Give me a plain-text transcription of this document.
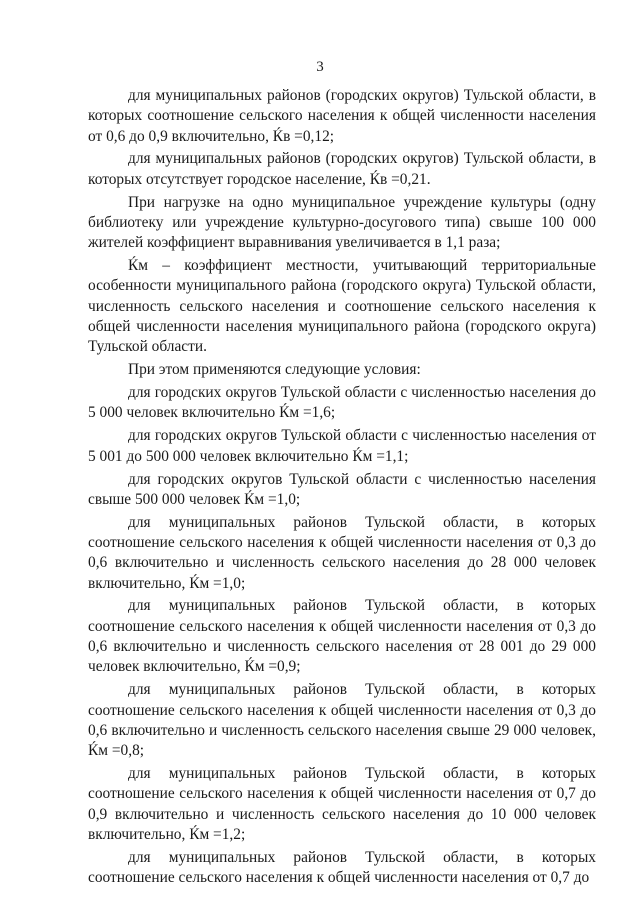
3

для муниципальных районов (городских округов) Тульской области, в которых соотношение сельского населения к общей численности населения от 0,6 до 0,9 включительно, Ќв =0,12;

для муниципальных районов (городских округов) Тульской области, в которых отсутствует городское население, Ќв =0,21.

При нагрузке на одно муниципальное учреждение культуры (одну библиотеку или учреждение культурно-досугового типа) свыше 100 000 жителей коэффициент выравнивания увеличивается в 1,1 раза;

Ќм – коэффициент местности, учитывающий территориальные особенности муниципального района (городского округа) Тульской области, численность сельского населения и соотношение сельского населения к общей численности населения муниципального района (городского округа) Тульской области.

При этом применяются следующие условия:

для городских округов Тульской области с численностью населения до 5 000 человек включительно Ќм =1,6;

для городских округов Тульской области с численностью населения от 5 001 до 500 000 человек включительно Ќм =1,1;

для городских округов Тульской области с численностью населения свыше 500 000 человек Ќм =1,0;

для муниципальных районов Тульской области, в которых соотношение сельского населения к общей численности населения от 0,3 до 0,6 включительно и численность сельского населения до 28 000 человек включительно, Ќм =1,0;

для муниципальных районов Тульской области, в которых соотношение сельского населения к общей численности населения от 0,3 до 0,6 включительно и численность сельского населения от 28 001 до 29 000 человек включительно, Ќм =0,9;

для муниципальных районов Тульской области, в которых соотношение сельского населения к общей численности населения от 0,3 до 0,6 включительно и численность сельского населения свыше 29 000 человек, Ќм =0,8;

для муниципальных районов Тульской области, в которых соотношение сельского населения к общей численности населения от 0,7 до 0,9 включительно и численность сельского населения до 10 000 человек включительно, Ќм =1,2;

для муниципальных районов Тульской области, в которых соотношение сельского населения к общей численности населения от 0,7 до
